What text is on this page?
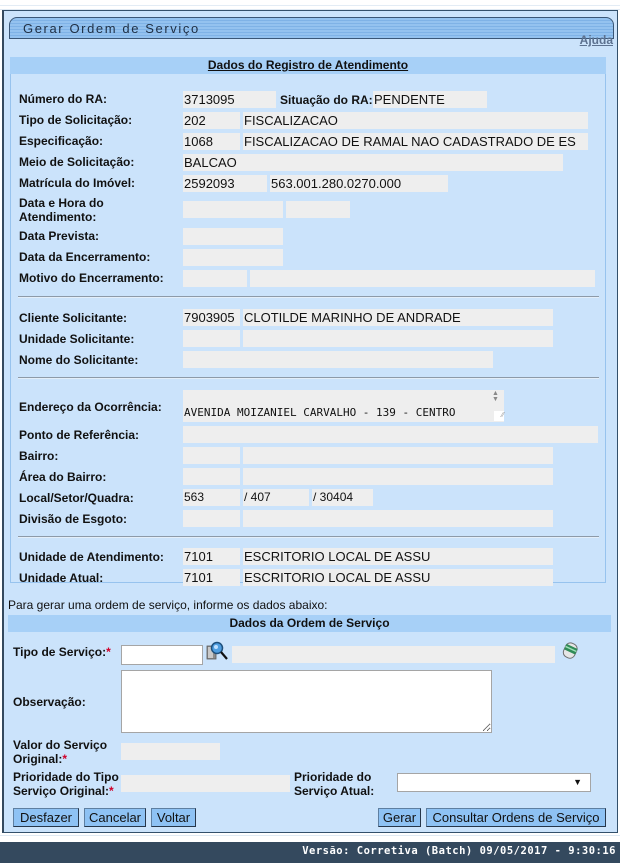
Gerar Ordem de Serviço
Ajuda
Dados do Registro de Atendimento
Número do RA:	3713095	Situação do RA: PENDENTE
Tipo de Solicitação:	202	FISCALIZACAO
Especificação:	1068	FISCALIZACAO DE RAMAL NAO CADASTRADO DE ES
Meio de Solicitação:	BALCAO
Matrícula do Imóvel:	2592093	563.001.280.0270.000
Data e Hora do
Atendimento:
Data Prevista:
Data da Encerramento:
Motivo do Encerramento:
Cliente Solicitante:	7903905 CLOTILDE MARINHO DE ANDRADE
Unidade Solicitante:
Nome do Solicitante:
Endereço da Ocorrência: AVENIDA MOIZANIEL CARVALHO - 139 - CENTRO
▲
▼
⁄⁄
Ponto de Referência:
Bairro:
Área do Bairro:
Local/Setor/Quadra:	563	/ 407	/ 30404
Divisão de Esgoto:
Unidade de Atendimento: 7101	ESCRITORIO LOCAL DE ASSU
Unidade Atual:	7101	ESCRITORIO LOCAL DE ASSU
Para gerar uma ordem de serviço, informe os dados abaixo:
Dados da Ordem de Serviço
Tipo de Serviço:*
Observação:
Valor do Serviço
Original:*
Prioridade do Tipo
Serviço Original:*
Prioridade do
Serviço Atual:
▼
Desfazer	Cancelar	Voltar	Gerar	Consultar Ordens de Serviço
Versão: Corretiva (Batch) 09/05/2017 - 9:30:16
